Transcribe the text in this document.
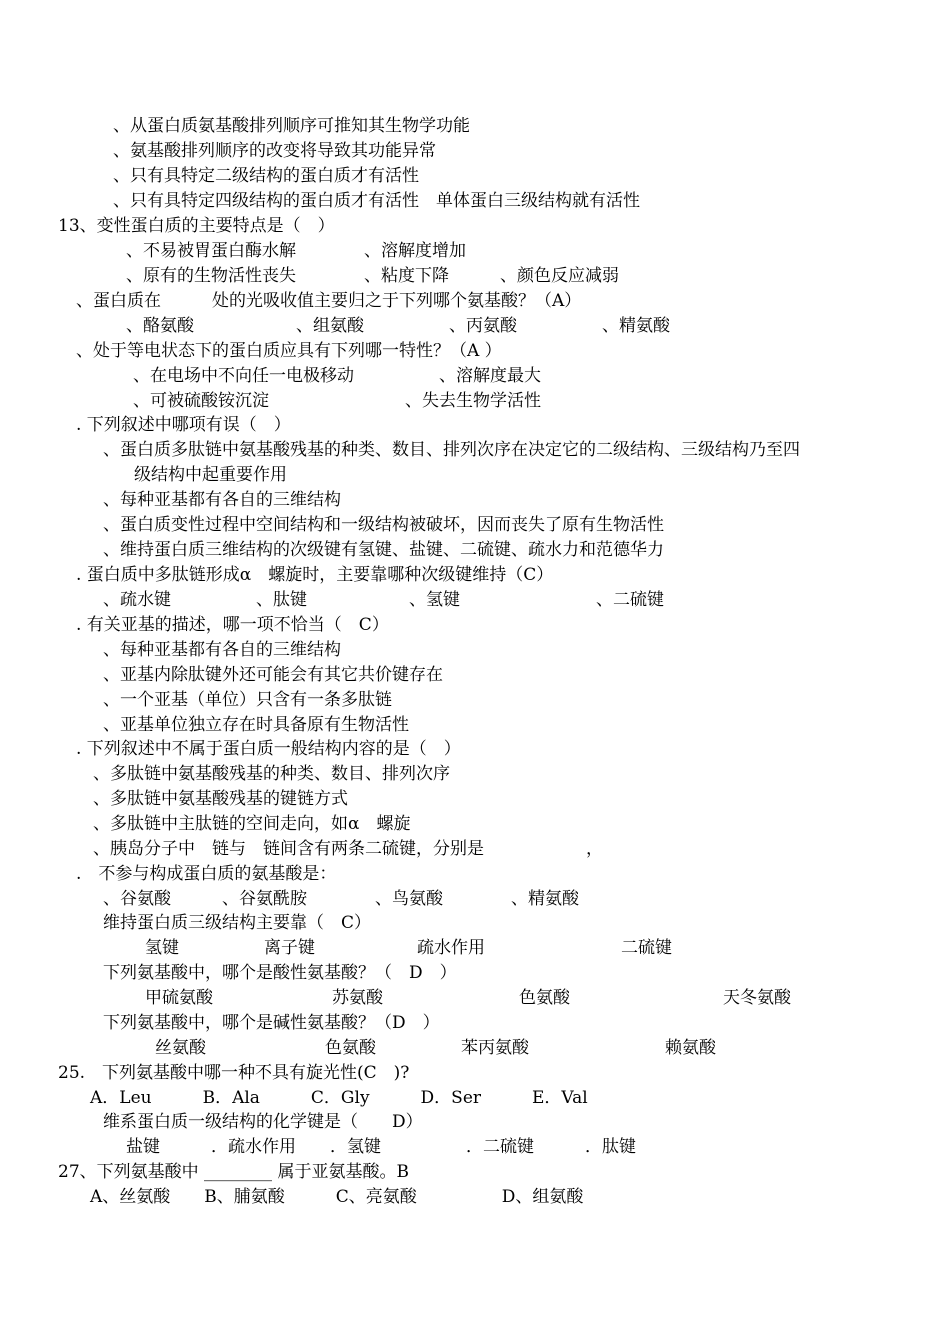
、从蛋白质氨基酸排列顺序可推知其生物学功能
、氨基酸排列顺序的改变将导致其功能异常
、只有具特定二级结构的蛋白质才有活性
、只有具特定四级结构的蛋白质才有活性　单体蛋白三级结构就有活性
13、变性蛋白质的主要特点是（　）
、不易被胃蛋白酶水解　　　　、溶解度增加
、原有的生物活性丧失　　　　、粘度下降　　　、颜色反应减弱
、蛋白质在　　　处的光吸收值主要归之于下列哪个氨基酸？（A）
、酪氨酸　　　　　　、组氨酸　　　　　、丙氨酸　　　　　、精氨酸
、处于等电状态下的蛋白质应具有下列哪一特性？（A ）
、在电场中不向任一电极移动　　　　　、溶解度最大
、可被硫酸铵沉淀　　　　　　　　、失去生物学活性
. 下列叙述中哪项有误（　）
、蛋白质多肽链中氨基酸残基的种类、数目、排列次序在决定它的二级结构、三级结构乃至四
级结构中起重要作用
、每种亚基都有各自的三维结构
、蛋白质变性过程中空间结构和一级结构被破坏，因而丧失了原有生物活性
、维持蛋白质三维结构的次级键有氢键、盐键、二硫键、疏水力和范德华力
. 蛋白质中多肽链形成α　螺旋时，主要靠哪种次级键维持（C）
、疏水键　　　　　、肽键　　　　　　、氢键　　　　　　　　、二硫键
. 有关亚基的描述，哪一项不恰当（　C）
、每种亚基都有各自的三维结构
、亚基内除肽键外还可能会有其它共价键存在
、一个亚基（单位）只含有一条多肽链
、亚基单位独立存在时具备原有生物活性
. 下列叙述中不属于蛋白质一般结构内容的是（　）
、多肽链中氨基酸残基的种类、数目、排列次序
、多肽链中氨基酸残基的键链方式
、多肽链中主肽链的空间走向，如α　螺旋
、胰岛分子中　链与　链间含有两条二硫键，分别是　　　　　　，
.　不参与构成蛋白质的氨基酸是：
、谷氨酸　　　、谷氨酰胺　　　　、鸟氨酸　　　　、精氨酸
维持蛋白质三级结构主要靠（　C）
氢键　　　　　离子键　　　　　　疏水作用　　　　　　　　二硫键
下列氨基酸中，哪个是酸性氨基酸？（　D　）
甲硫氨酸　　　　　　　苏氨酸　　　　　　　　色氨酸　　　　　　　　　天冬氨酸
下列氨基酸中，哪个是碱性氨基酸？（D　）
丝氨酸　　　　　　　色氨酸　　　　　苯丙氨酸　　　　　　　　赖氨酸
25.　下列氨基酸中哪一种不具有旋光性(C　)?
A．Leu　　　B．Ala　　　C．Gly　　　D．Ser　　　E．Val
维系蛋白质一级结构的化学键是（　　D）
盐键　　　．疏水作用　　．氢键　　　　　．二硫键　　　．肽键
27、下列氨基酸中 ________ 属于亚氨基酸。B
A、丝氨酸　　B、脯氨酸　　　C、亮氨酸　　　　　D、组氨酸
